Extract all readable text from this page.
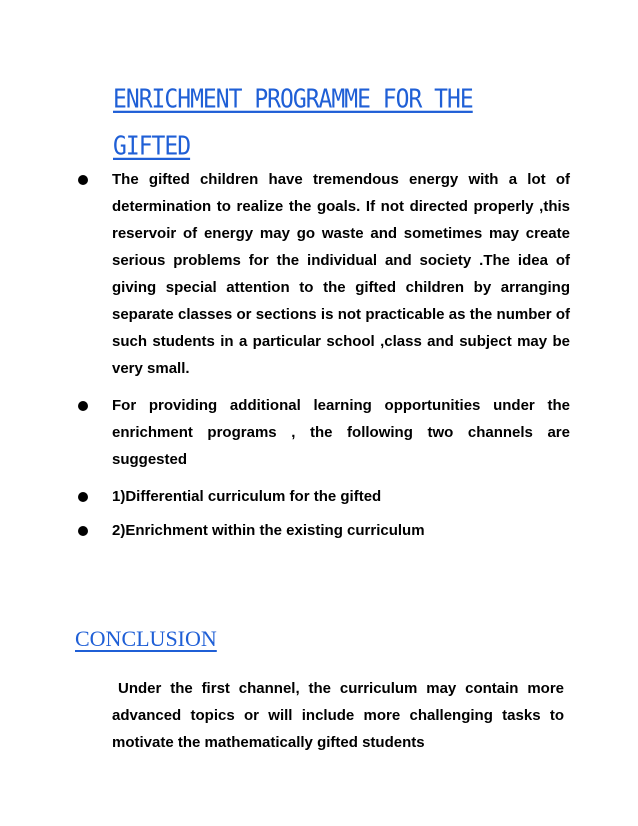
ENRICHMENT PROGRAMME FOR THE GIFTED
The gifted children have tremendous energy with a lot of determination to realize the goals. If not directed properly ,this reservoir of energy may go waste and sometimes may create serious problems for the individual and society .The idea of giving special attention to the gifted children by arranging separate classes or sections is not practicable as the number of such students in a particular school ,class and subject may be very small.
For providing additional learning opportunities under the enrichment programs , the following two channels are suggested
1)Differential curriculum for the gifted
2)Enrichment within the existing curriculum
CONCLUSION

Under the first channel, the curriculum may contain more advanced topics or will include more challenging tasks to motivate the mathematically gifted students
